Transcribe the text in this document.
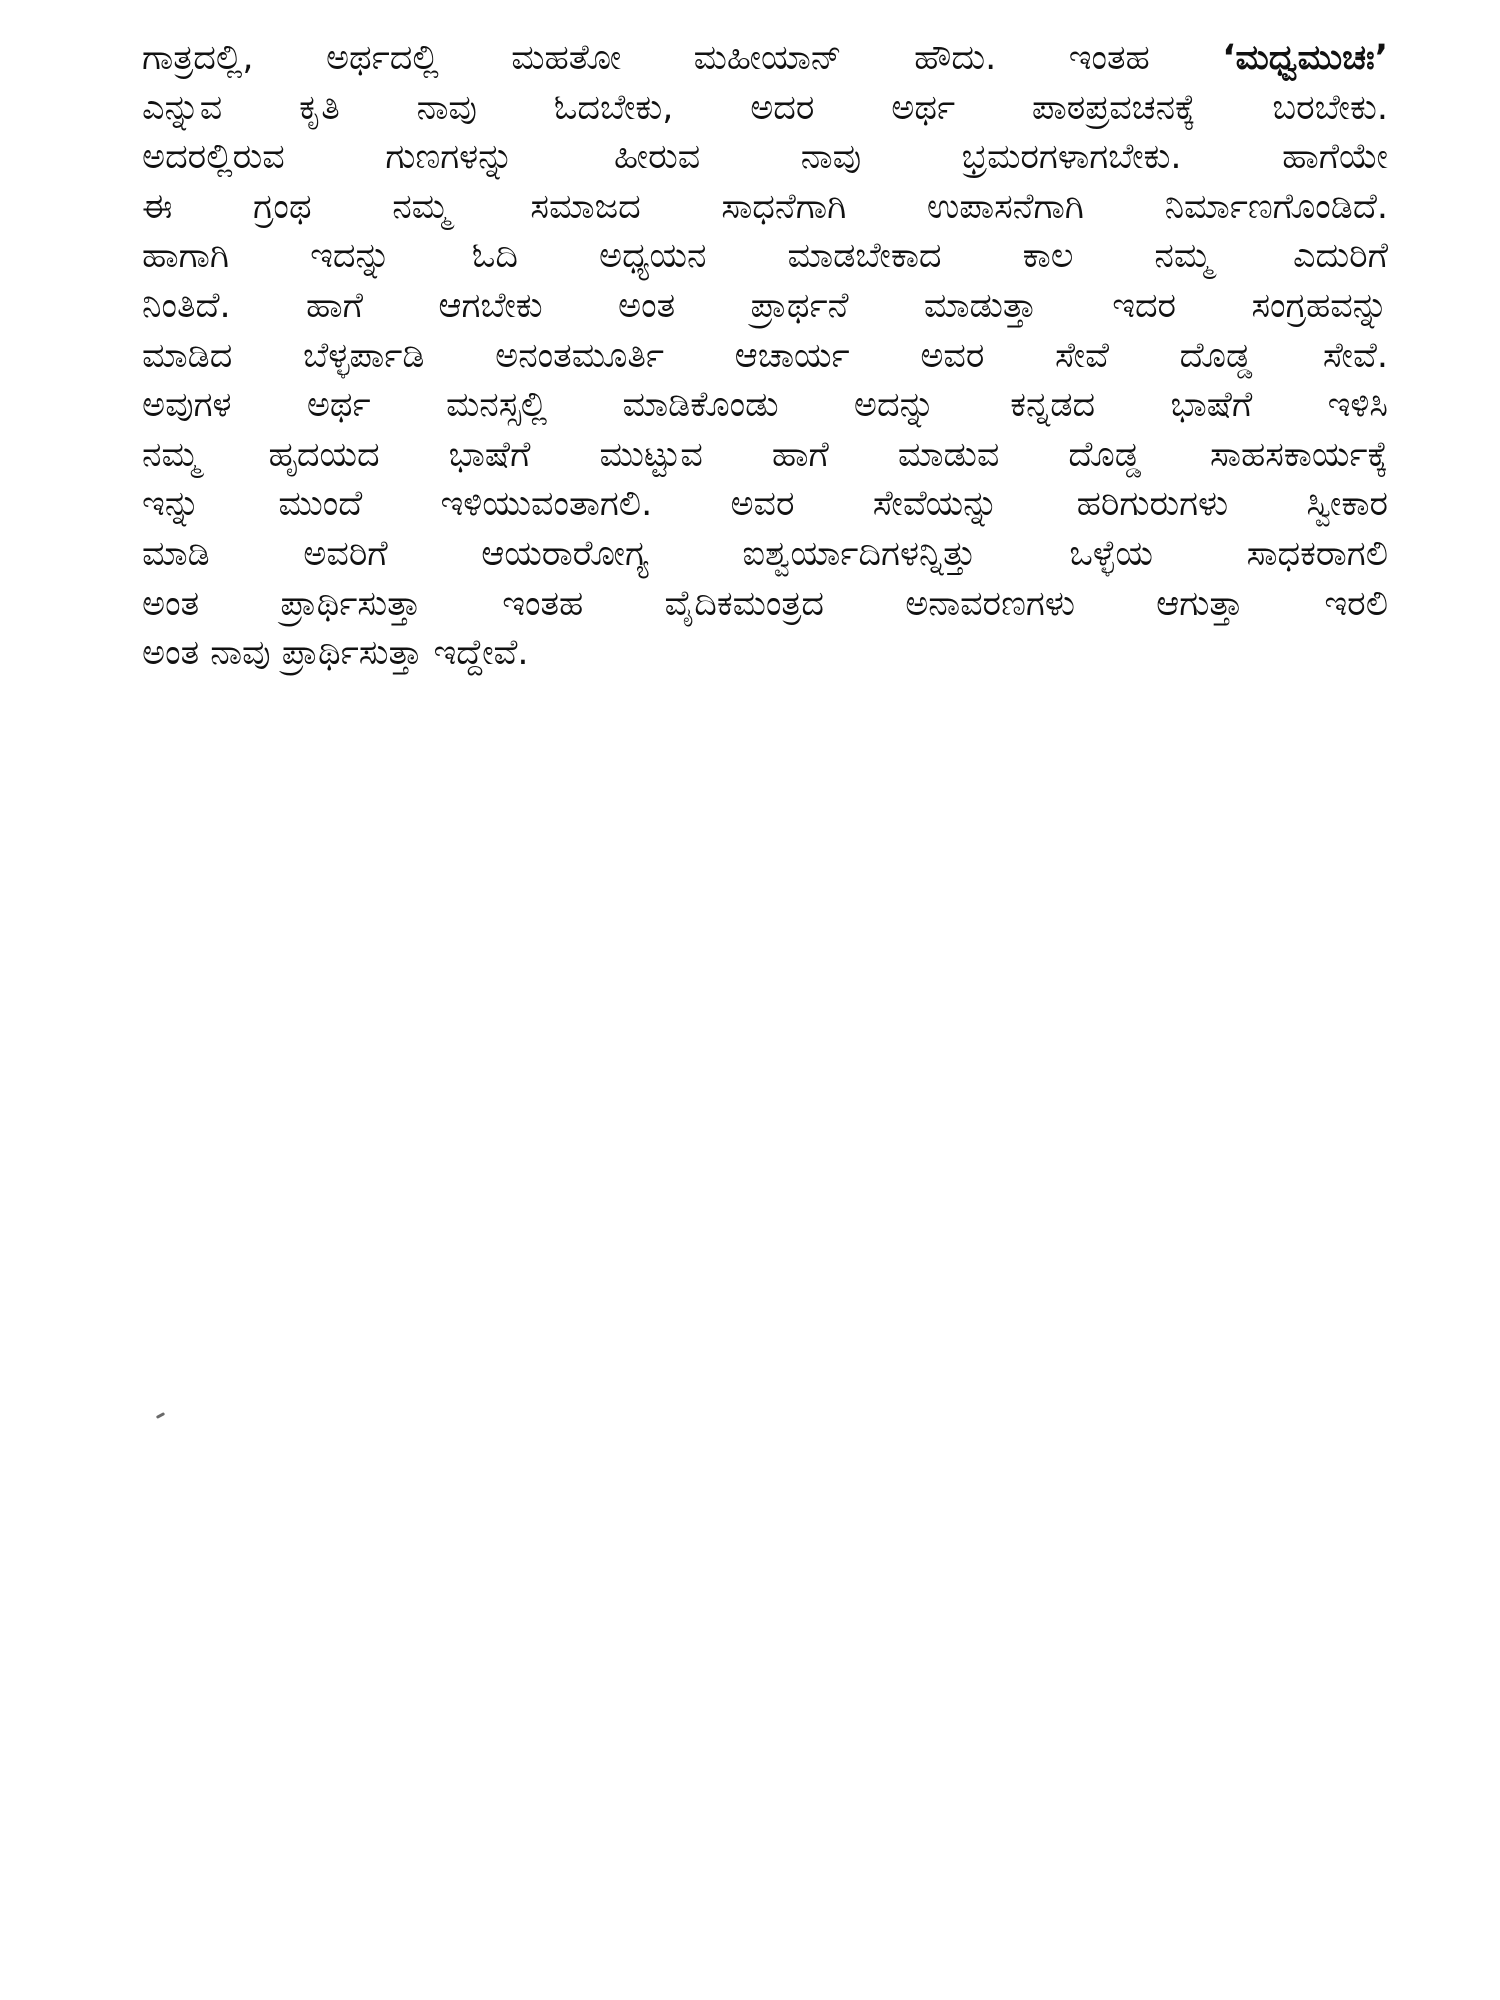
ಗಾತ್ರದಲ್ಲಿ, ಅರ್ಥದಲ್ಲಿ ಮಹತೋ ಮಹೀಯಾನ್ ಹೌದು. ಇಂತಹ ‘ಮಧ್ವಮುಚಃ’
ಎನ್ನುವ ಕೃತಿ ನಾವು ಓದಬೇಕು, ಅದರ ಅರ್ಥ ಪಾಠಪ್ರವಚನಕ್ಕೆ ಬರಬೇಕು.
ಅದರಲ್ಲಿರುವ ಗುಣಗಳನ್ನು ಹೀರುವ ನಾವು ಭ್ರಮರಗಳಾಗಬೇಕು. ಹಾಗೆಯೇ
ಈ ಗ್ರಂಥ ನಮ್ಮ ಸಮಾಜದ ಸಾಧನೆಗಾಗಿ ಉಪಾಸನೆಗಾಗಿ ನಿರ್ಮಾಣಗೊಂಡಿದೆ.
ಹಾಗಾಗಿ ಇದನ್ನು ಓದಿ ಅಧ್ಯಯನ ಮಾಡಬೇಕಾದ ಕಾಲ ನಮ್ಮ ಎದುರಿಗೆ
ನಿಂತಿದೆ. ಹಾಗೆ ಆಗಬೇಕು ಅಂತ ಪ್ರಾರ್ಥನೆ ಮಾಡುತ್ತಾ ಇದರ ಸಂಗ್ರಹವನ್ನು
ಮಾಡಿದ ಬೆಳ್ಳರ್ಪಾಡಿ ಅನಂತಮೂರ್ತಿ ಆಚಾರ್ಯ ಅವರ ಸೇವೆ ದೊಡ್ಡ ಸೇವೆ.
ಅವುಗಳ ಅರ್ಥ ಮನಸ್ಸಲ್ಲಿ ಮಾಡಿಕೊಂಡು ಅದನ್ನು ಕನ್ನಡದ ಭಾಷೆಗೆ ಇಳಿಸಿ
ನಮ್ಮ ಹೃದಯದ ಭಾಷೆಗೆ ಮುಟ್ಟುವ ಹಾಗೆ ಮಾಡುವ ದೊಡ್ಡ ಸಾಹಸಕಾರ್ಯಕ್ಕೆ
ಇನ್ನು ಮುಂದೆ ಇಳಿಯುವಂತಾಗಲಿ. ಅವರ ಸೇವೆಯನ್ನು ಹರಿಗುರುಗಳು ಸ್ವೀಕಾರ
ಮಾಡಿ ಅವರಿಗೆ ಆಯರಾರೋಗ್ಯ ಐಶ್ವರ್ಯಾದಿಗಳನ್ನಿತ್ತು ಒಳ್ಳೆಯ ಸಾಧಕರಾಗಲಿ
ಅಂತ ಪ್ರಾರ್ಥಿಸುತ್ತಾ ಇಂತಹ ವೈದಿಕಮಂತ್ರದ ಅನಾವರಣಗಳು ಆಗುತ್ತಾ ಇರಲಿ
ಅಂತ ನಾವು ಪ್ರಾರ್ಥಿಸುತ್ತಾ ಇದ್ದೇವೆ.
